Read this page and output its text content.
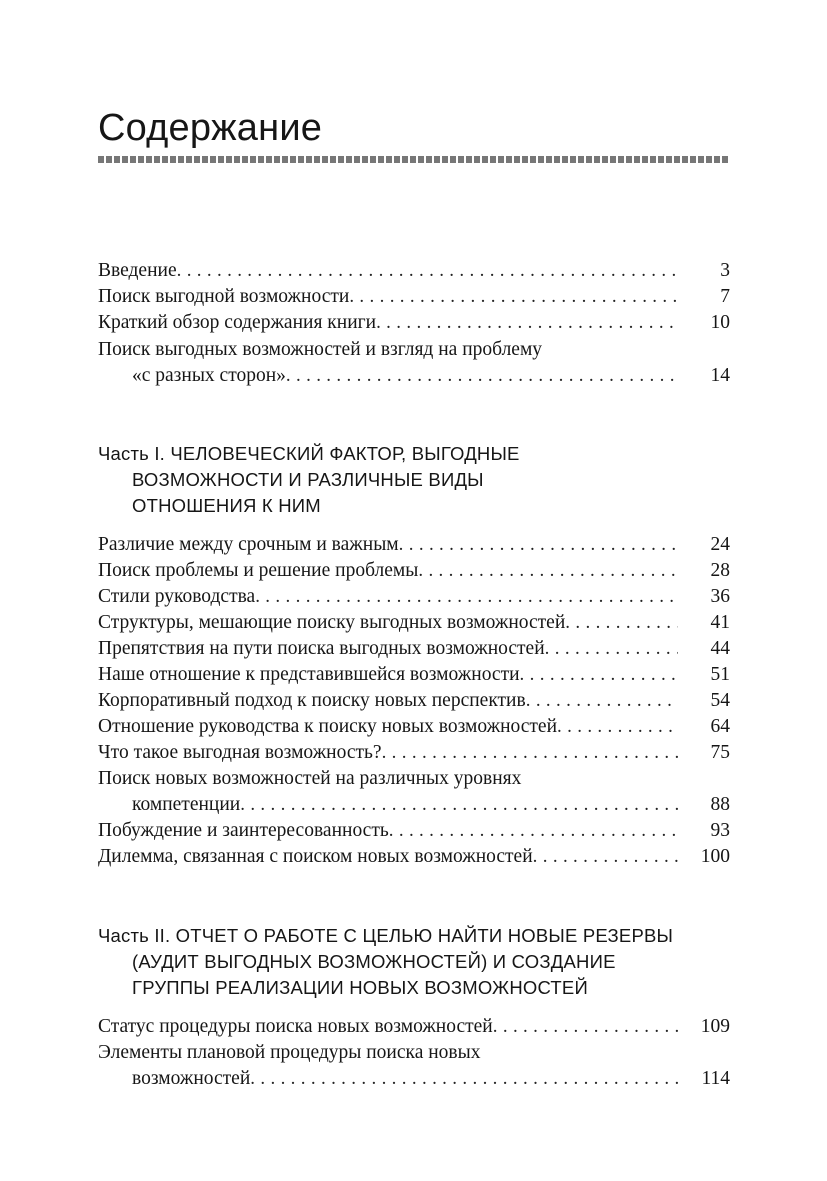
Содержание
Введение . . .	3
Поиск выгодной возможности . . .	7
Краткий обзор содержания книги . . .	10
Поиск выгодных возможностей и взгляд на проблему
«с разных сторон» . . .	14
Часть I. ЧЕЛОВЕЧЕСКИЙ ФАКТОР, ВЫГОДНЫЕ
ВОЗМОЖНОСТИ И РАЗЛИЧНЫЕ ВИДЫ
ОТНОШЕНИЯ К НИМ
Различие между срочным и важным . . .	24
Поиск проблемы и решение проблемы . . .	28
Стили руководства . . .	36
Структуры, мешающие поиску выгодных возможностей . . .	41
Препятствия на пути поиска выгодных возможностей . . .	44
Наше отношение к представившейся возможности . . .	51
Корпоративный подход к поиску новых перспектив . . .	54
Отношение руководства к поиску новых возможностей . . .	64
Что такое выгодная возможность? . . .	75
Поиск новых возможностей на различных уровнях
компетенции . . .	88
Побуждение и заинтересованность . . .	93
Дилемма, связанная с поиском новых возможностей . . .	100
Часть II. ОТЧЕТ О РАБОТЕ С ЦЕЛЬЮ НАЙТИ НОВЫЕ РЕЗЕРВЫ
(АУДИТ ВЫГОДНЫХ ВОЗМОЖНОСТЕЙ) И СОЗДАНИЕ
ГРУППЫ РЕАЛИЗАЦИИ НОВЫХ ВОЗМОЖНОСТЕЙ
Статус процедуры поиска новых возможностей . . .	109
Элементы плановой процедуры поиска новых
возможностей . . .	114
